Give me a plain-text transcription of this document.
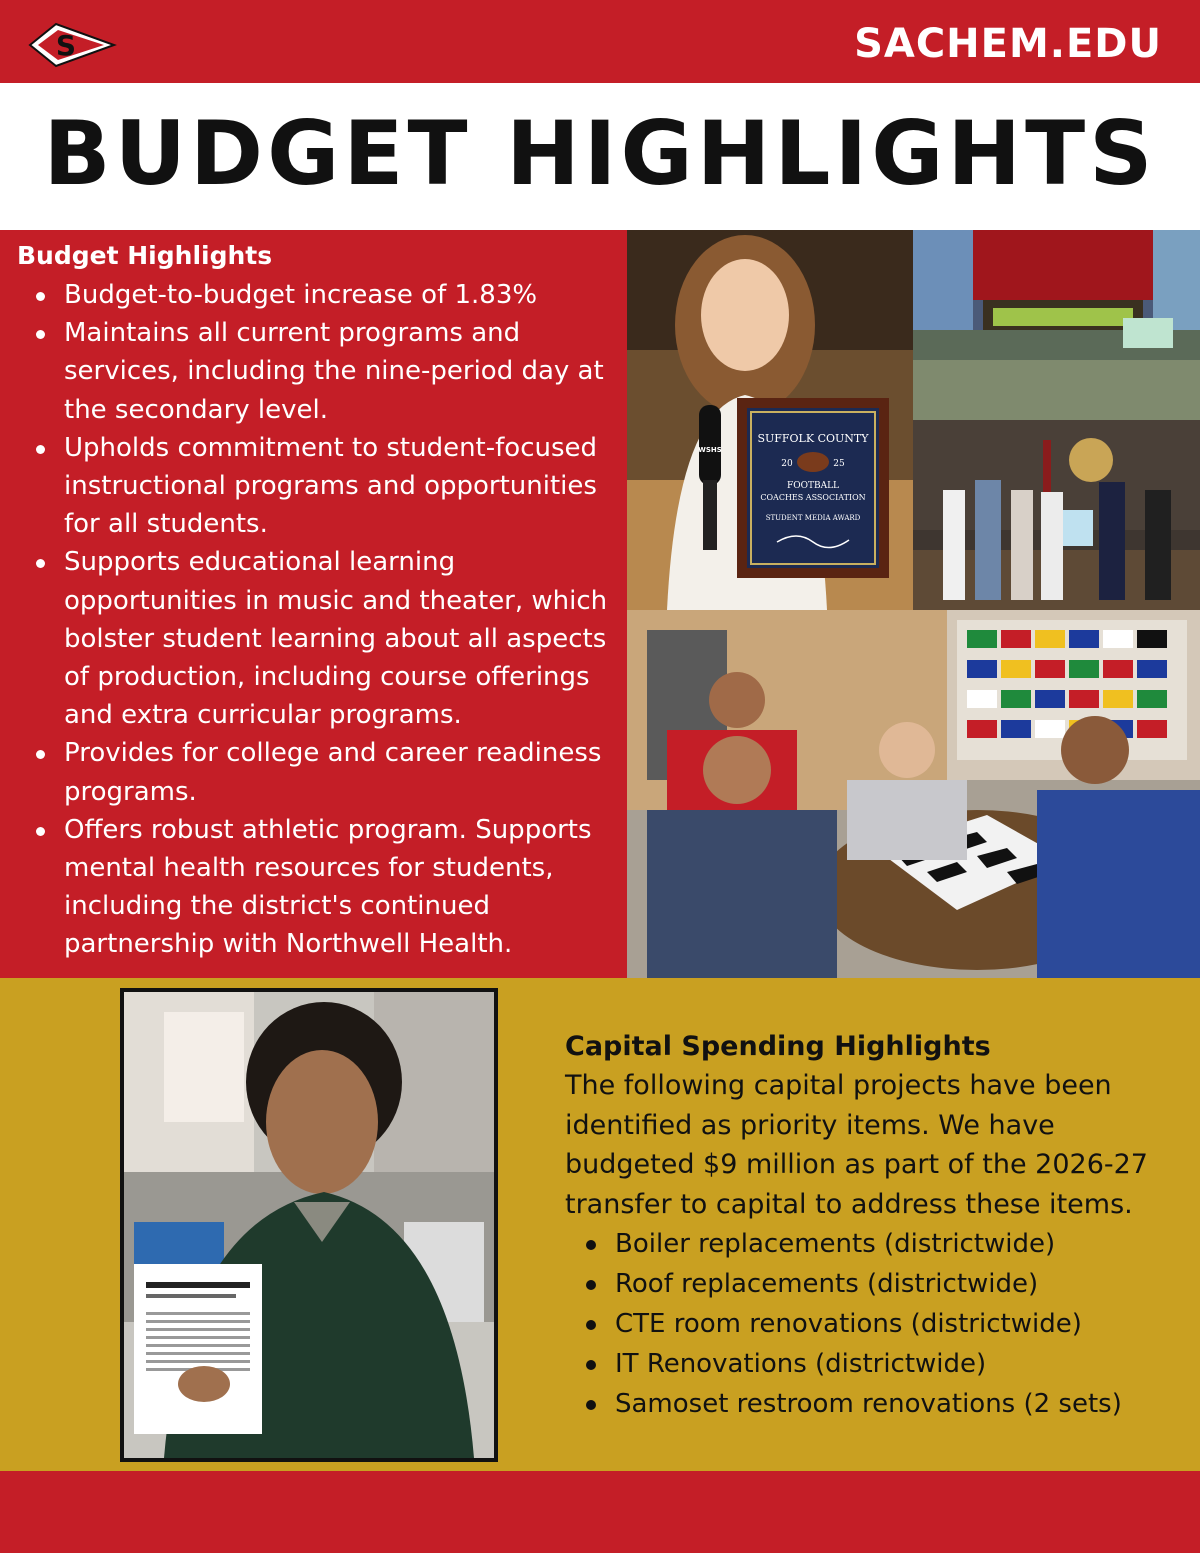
S	SACHEM.EDU
BUDGET HIGHLIGHTS
Budget Highlights
Budget-to-budget increase of 1.83%
Maintains all current programs and services, including the nine-period day at the secondary level.
Upholds commitment to student-focused instructional programs and opportunities for all students.
Supports educational learning opportunities in music and theater, which bolster student learning about all aspects of production, including course offerings and extra curricular programs.
Provides for college and career readiness programs.
Offers robust athletic program. Supports mental health resources for students, including the district's continued partnership with Northwell Health.
WSHS
SUFFOLK COUNTY
20	25
FOOTBALL
COACHES ASSOCIATION
STUDENT MEDIA AWARD
Capital Spending Highlights

The following capital projects have been identified as priority items. We have budgeted $9 million as part of the 2026-27 transfer to capital to address these items.

Boiler replacements (districtwide)
Roof replacements (districtwide)
CTE room renovations (districtwide)
IT Renovations (districtwide)
Samoset restroom renovations (2 sets)
